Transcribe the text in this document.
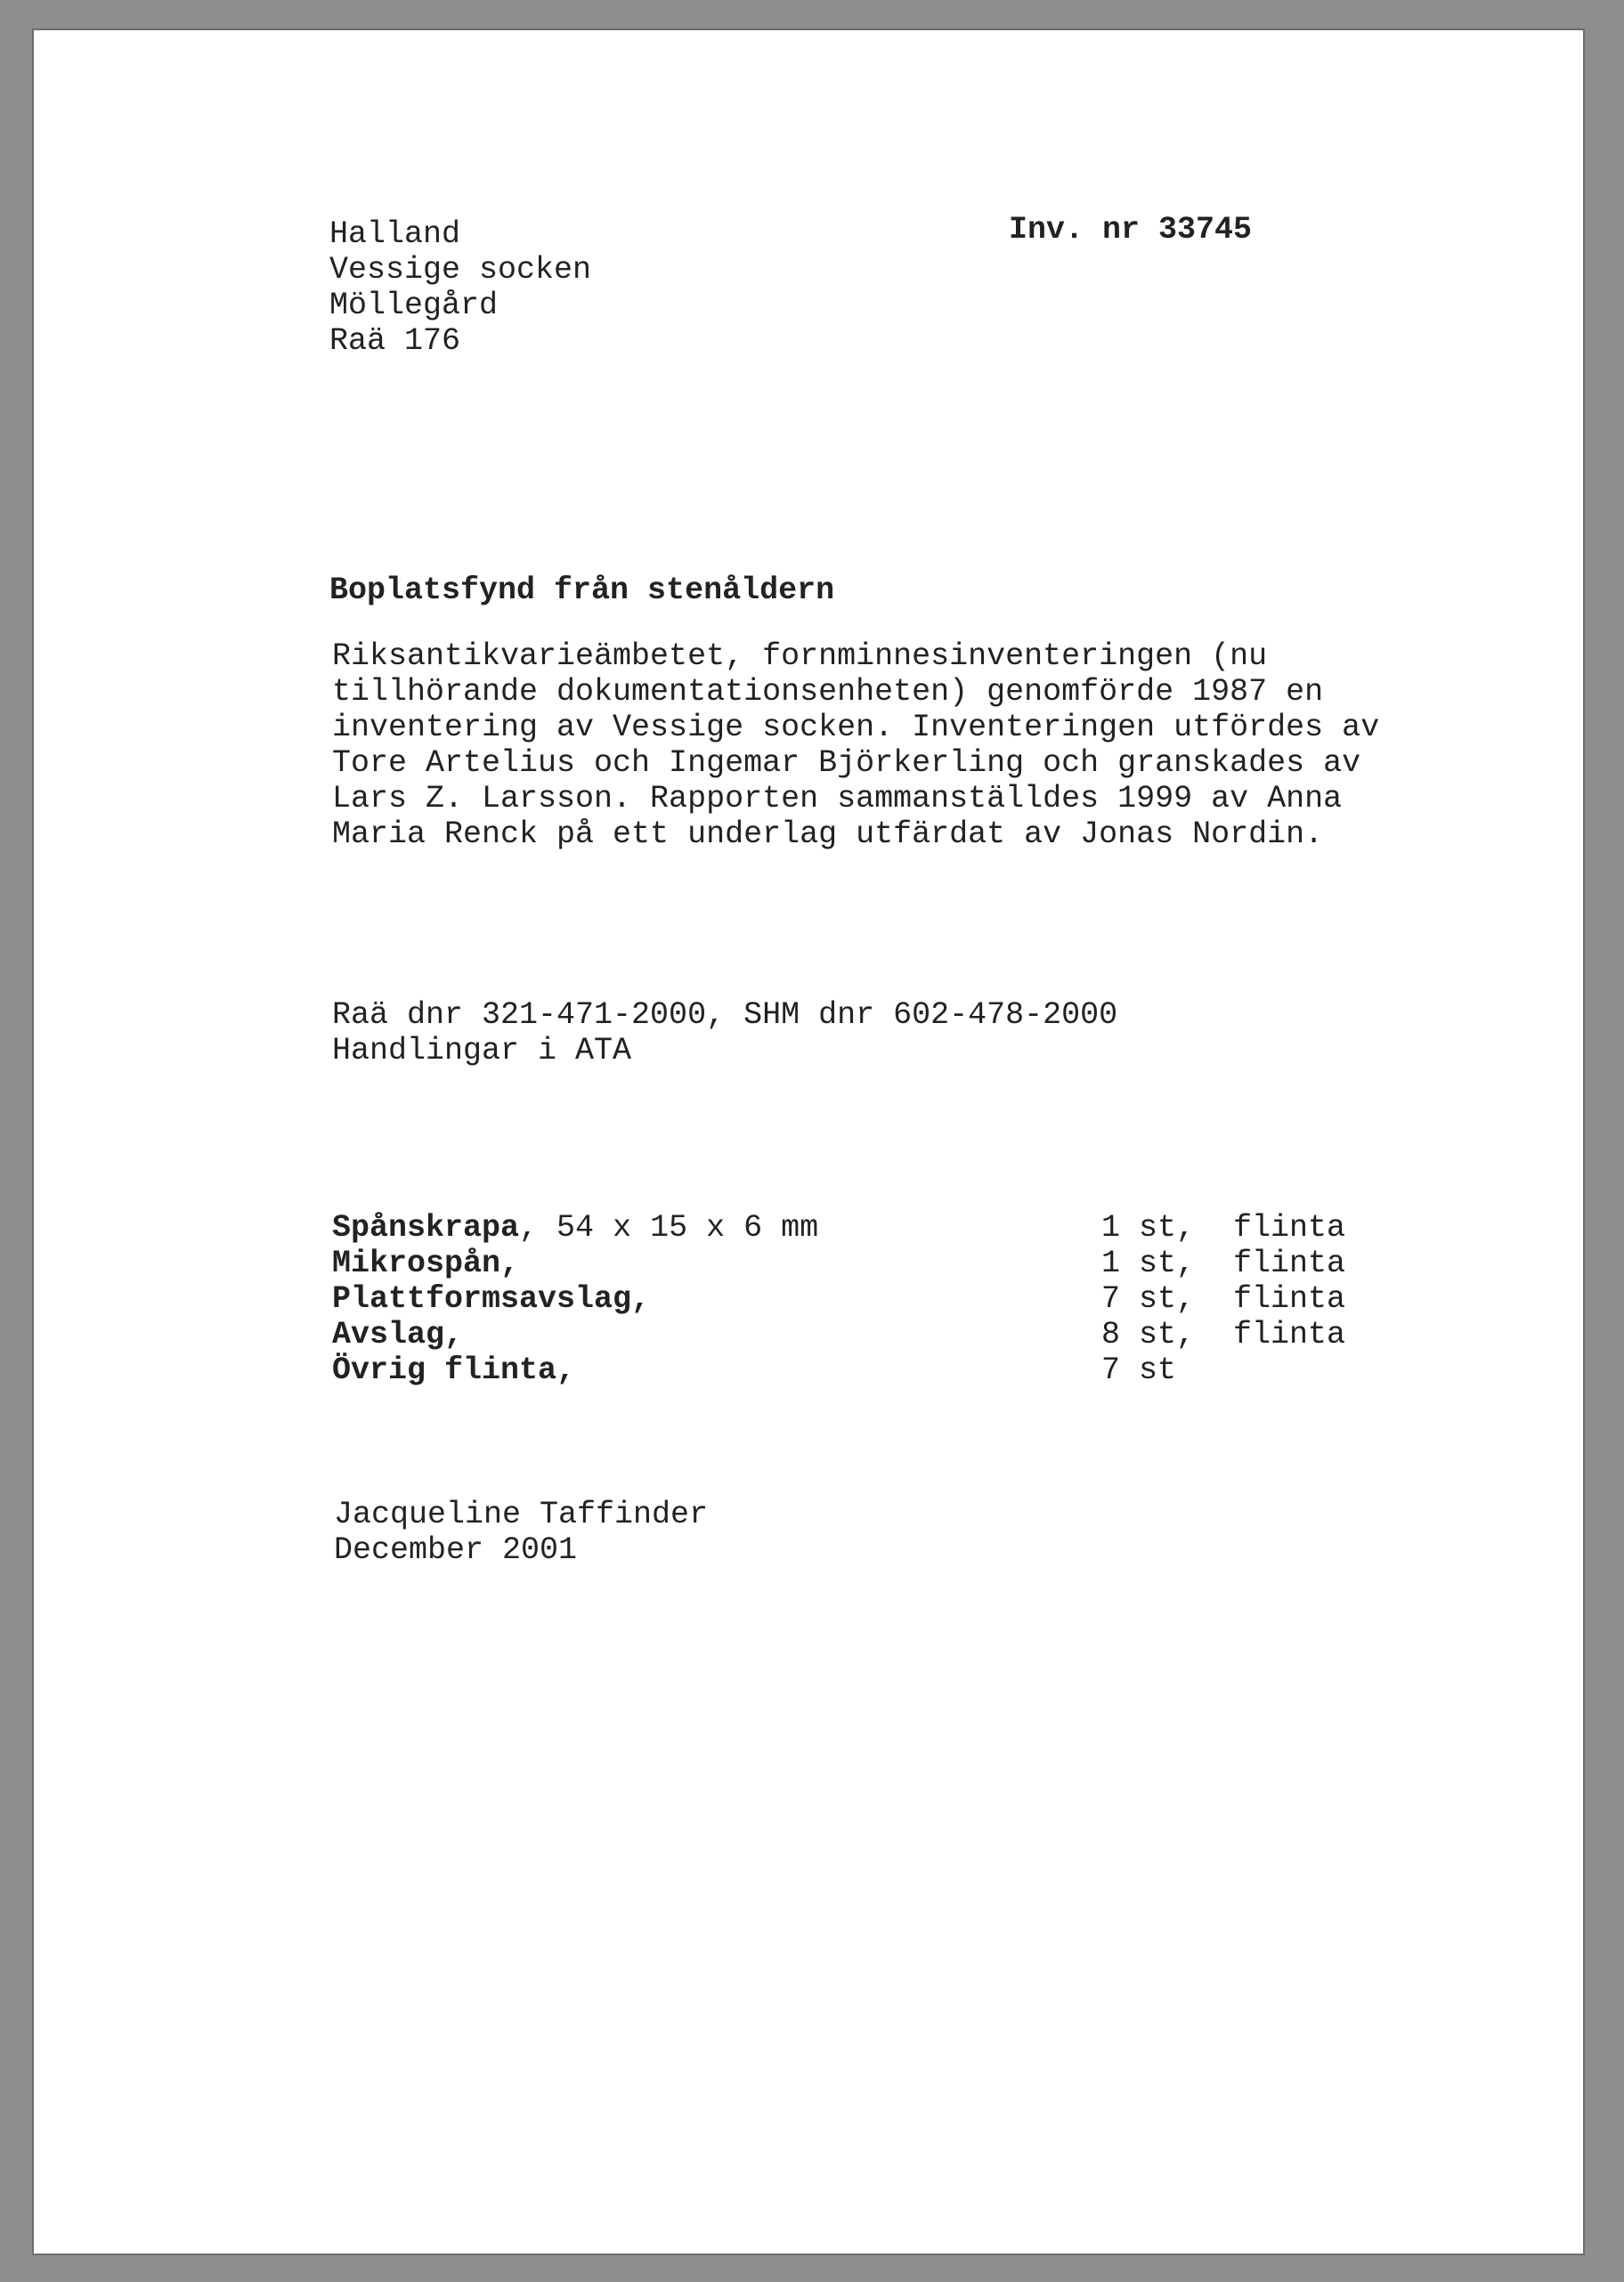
Halland
Vessige socken
Möllegård
Raä 176
Inv. nr 33745
Boplatsfynd från stenåldern
Riksantikvarieämbetet, fornminnesinventeringen (nu
tillhörande dokumentationsenheten) genomförde 1987 en
inventering av Vessige socken. Inventeringen utfördes av
Tore Artelius och Ingemar Björkerling och granskades av
Lars Z. Larsson. Rapporten sammanställdes 1999 av Anna
Maria Renck på ett underlag utfärdat av Jonas Nordin.
Raä dnr 321-471-2000, SHM dnr 602-478-2000
Handlingar i ATA
Spånskrapa, 54 x 15 x 6 mm	1 st, flinta
Mikrospån,	1 st, flinta
Plattformsavslag,	7 st, flinta
Avslag,	8 st, flinta
Övrig flinta,	7 st
Jacqueline Taffinder
December 2001
